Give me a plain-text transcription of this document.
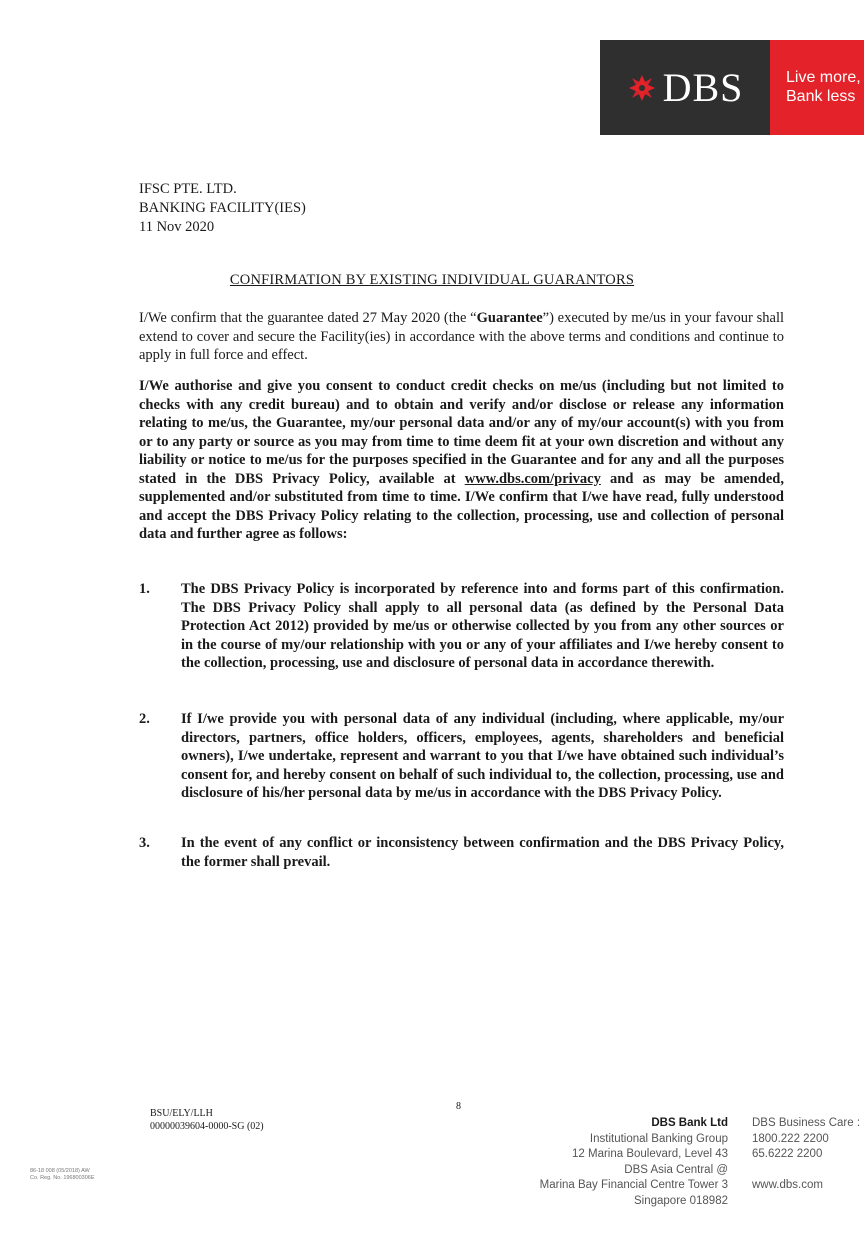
DBS	Live more,
Bank less
IFSC PTE. LTD.
BANKING FACILITY(IES)
11 Nov 2020
CONFIRMATION BY EXISTING INDIVIDUAL GUARANTORS
I/We confirm that the guarantee dated 27 May 2020 (the “Guarantee”) executed by me/us in your favour shall extend to cover and secure the Facility(ies) in accordance with the above terms and conditions and continue to apply in full force and effect.
I/We authorise and give you consent to conduct credit checks on me/us (including but not limited to checks with any credit bureau) and to obtain and verify and/or disclose or release any information relating to me/us, the Guarantee, my/our personal data and/or any of my/our account(s) with you from or to any party or source as you may from time to time deem fit at your own discretion and without any liability or notice to me/us for the purposes specified in the Guarantee and for any and all the purposes stated in the DBS Privacy Policy, available at www.dbs.com/privacy and as may be amended, supplemented and/or substituted from time to time. I/We confirm that I/we have read, fully understood and accept the DBS Privacy Policy relating to the collection, processing, use and collection of personal data and further agree as follows:
1.	The DBS Privacy Policy is incorporated by reference into and forms part of this confirmation. The DBS Privacy Policy shall apply to all personal data (as defined by the Personal Data Protection Act 2012) provided by me/us or otherwise collected by you from any other sources or in the course of my/our relationship with you or any of your affiliates and I/we hereby consent to the collection, processing, use and disclosure of personal data in accordance therewith.
2.	If I/we provide you with personal data of any individual (including, where applicable, my/our directors, partners, office holders, officers, employees, agents, shareholders and beneficial owners), I/we undertake, represent and warrant to you that I/we have obtained such individual’s consent for, and hereby consent on behalf of such individual to, the collection, processing, use and disclosure of his/her personal data by me/us in accordance with the DBS Privacy Policy.
3.	In the event of any conflict or inconsistency between confirmation and the DBS Privacy Policy, the former shall prevail.
BSU/ELY/LLH
00000039604-0000-SG (02)
8
DBS Bank Ltd
Institutional Banking Group
12 Marina Boulevard, Level 43
DBS Asia Central @
Marina Bay Financial Centre Tower 3
Singapore 018982
DBS Business Care :
1800.222 2200
65.6222 2200
www.dbs.com
86-18 008 (05/2018) AW
Co. Reg. No. 196800306E
